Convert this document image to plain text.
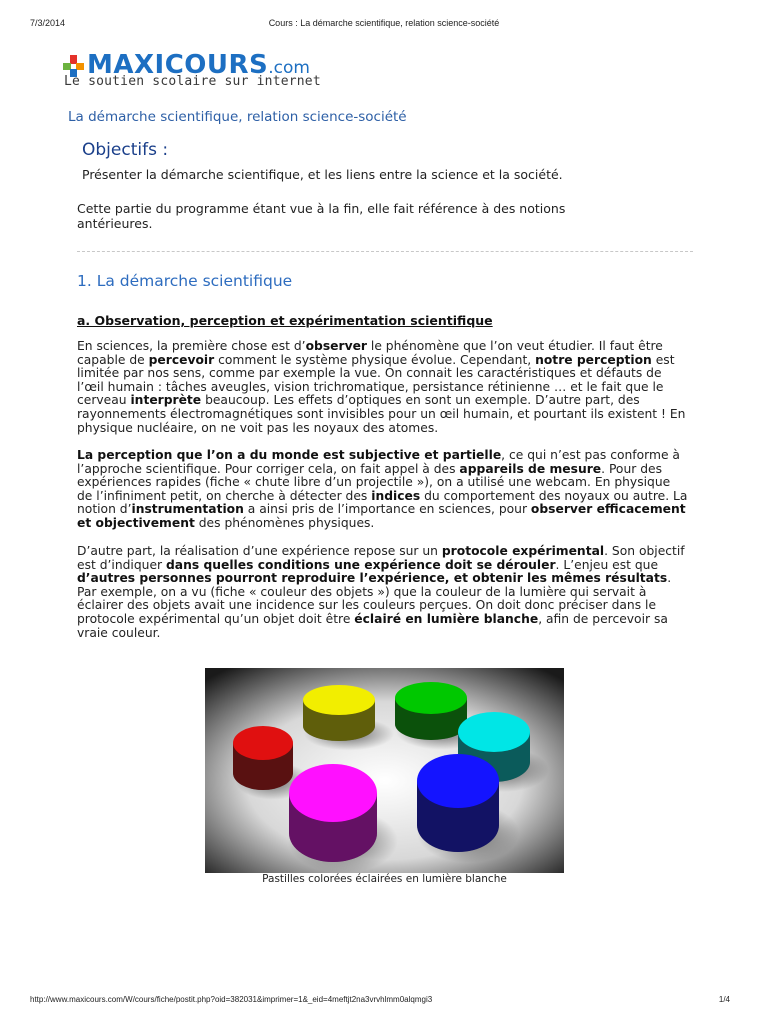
7/3/2014	Cours : La démarche scientifique, relation science-société
MAXICOURS.com
Le soutien scolaire sur internet
La démarche scientifique, relation science-société
Objectifs :
Présenter la démarche scientifique, et les liens entre la science et la société.
Cette partie du programme étant vue à la fin, elle fait référence à des notions antérieures.
1. La démarche scientifique
a. Observation, perception et expérimentation scientifique
En sciences, la première chose est d’observer le phénomène que l’on veut étudier. Il faut être capable de percevoir comment le système physique évolue. Cependant, notre perception est limitée par nos sens, comme par exemple la vue. On connait les caractéristiques et défauts de l’œil humain : tâches aveugles, vision trichromatique, persistance rétinienne … et le fait que le cerveau interprète beaucoup. Les effets d’optiques en sont un exemple. D’autre part, des rayonnements électromagnétiques sont invisibles pour un œil humain, et pourtant ils existent ! En physique nucléaire, on ne voit pas les noyaux des atomes.
La perception que l’on a du monde est subjective et partielle, ce qui n’est pas conforme à l’approche scientifique. Pour corriger cela, on fait appel à des appareils de mesure. Pour des expériences rapides (fiche « chute libre d’un projectile »), on a utilisé une webcam. En physique de l’infiniment petit, on cherche à détecter des indices du comportement des noyaux ou autre. La notion d’instrumentation a ainsi pris de l’importance en sciences, pour observer efficacement et objectivement des phénomènes physiques.
D’autre part, la réalisation d’une expérience repose sur un protocole expérimental. Son objectif est d’indiquer dans quelles conditions une expérience doit se dérouler. L’enjeu est que d’autres personnes pourront reproduire l’expérience, et obtenir les mêmes résultats. Par exemple, on a vu (fiche « couleur des objets ») que la couleur de la lumière qui servait à éclairer des objets avait une incidence sur les couleurs perçues. On doit donc préciser dans le protocole expérimental qu’un objet doit être éclairé en lumière blanche, afin de percevoir sa vraie couleur.
Pastilles colorées éclairées en lumière blanche
http://www.maxicours.com/W/cours/fiche/postit.php?oid=382031&imprimer=1&_eid=4meftjt2na3vrvhlmm0alqmgi3	1/4
